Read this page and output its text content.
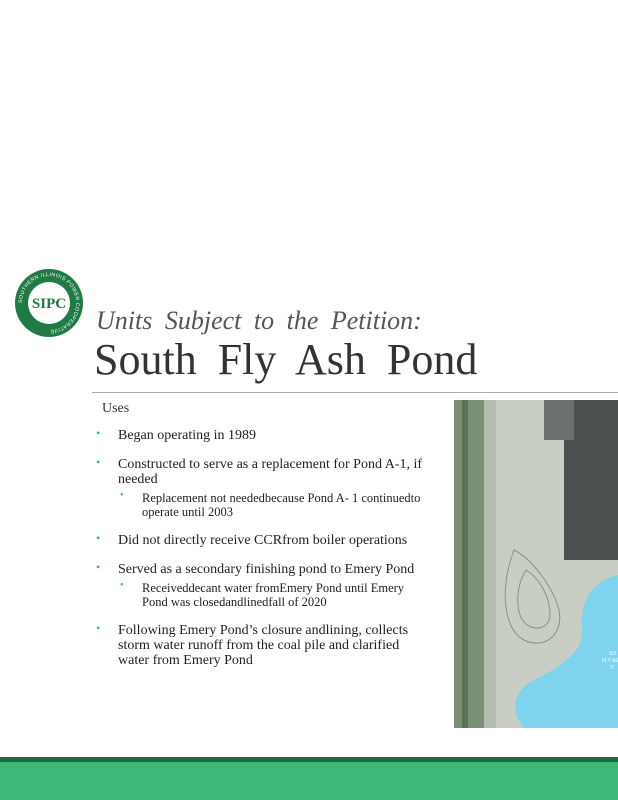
SOUTHERN ILLINOIS POWER COOPERATIVE
SIPC
Units Subject to the Petition:
South Fly Ash Pond
Uses
• Began operating in 1989
• Constructed to serve as a replacement for Pond A-1, if needed
• Replacement not neededbecause Pond A- 1 continuedto operate until 2003
• Did not directly receive CCRfrom boiler operations
• Served as a secondary finishing pond to Emery Pond
• Receiveddecant water fromEmery Pond until Emery Pond was closedandlinedfall of 2020
• Following Emery Pond’s closure andlining, collects storm water runoff from the coal pile and clarified water from Emery Pond	SO
FLY AS
7!
